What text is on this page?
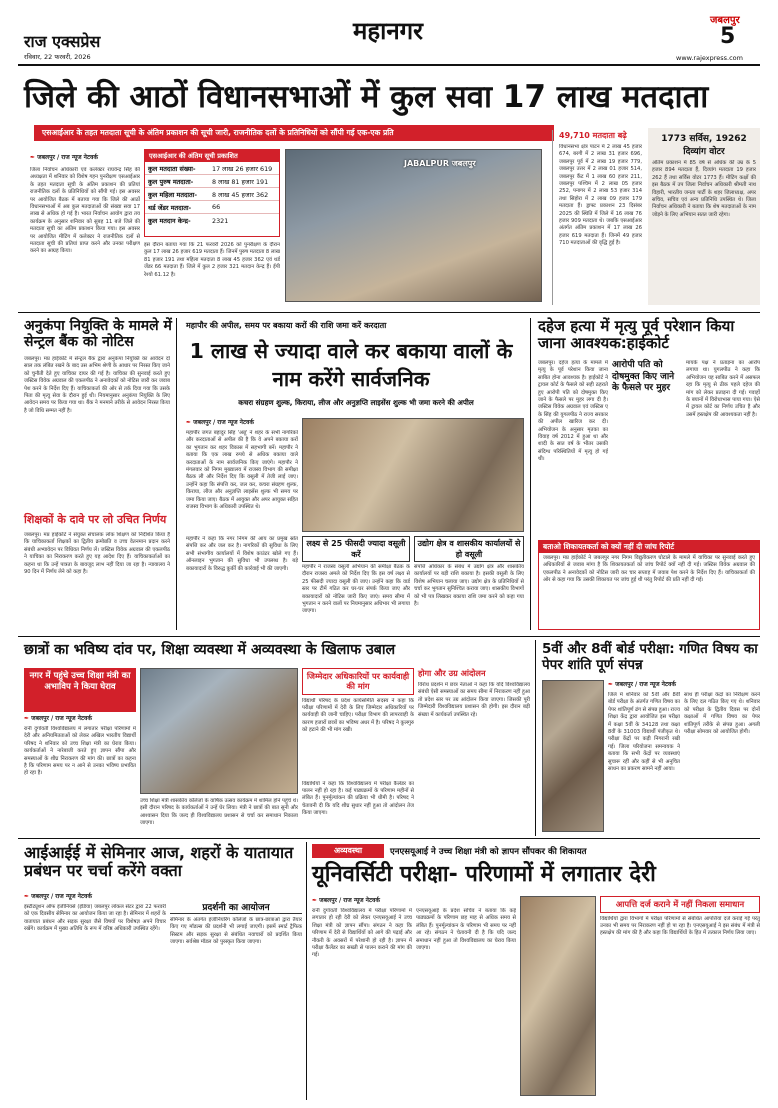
राज एक्सप्रेस
रविवार, 22 फरवरी, 2026
महानगर	जबलपुर
5
www.rajexpress.com
जिले की आठों विधानसभाओं में कुल सवा 17 लाख मतदाता
एसआईआर के तहत मतदाता सूची के अंतिम प्रकाशन की सूची जारी, राजनीतिक दलों के प्रतिनिधियों को सौंपी गई एक-एक प्रति
✒ जबलपुर / राज न्यूज नेटवर्क
जिला निर्वाचन अधिकारी एवं कलेक्टर राघवेन्द्र सिंह की अध्यक्षता में शनिवार को विशेष गहन पुनरीक्षण एसआईआर के तहत मतदाता सूची के अंतिम प्रकाशन की प्रतियां राजनीतिक दलों के प्रतिनिधियों को सौंपी गई। इस अवसर पर आयोजित बैठक में बताया गया कि जिले की आठों विधानसभाओं में अब कुल मतदाताओं की संख्या सवा 17 लाख से अधिक हो गई है। भारत निर्वाचन आयोग द्वारा तय कार्यक्रम के अनुसार शनिवार को सुबह 11 बजे जिले की मतदाता सूची का अंतिम प्रकाशन किया गया। इस अवसर पर आयोजित मीटिंग में कलेक्टर ने राजनीतिक दलों से मतदाता सूची की प्रतियां प्राप्त करने और उनका परीक्षण करने का आग्रह किया।
एसआईआर की अंतिम सूची प्रकाशित
कुल मतदाता संख्या-	17 लाख 26 हजार 619
कुल पुरुष मतदाता-	8 लाख 81 हजार 191
कुल महिला मतदाता-	8 लाख 45 हजार 362
थर्ड जेंडर मतदाता-	66
कुल मतदान केन्द्र-	2321
इस दौरान बताया गया कि 21 फरवरी 2026 को पुनरीक्षण के दौरान कुल 17 लाख 26 हजार 619 मतदाता हैं। जिनमें पुरुष मतदाता 8 लाख 81 हजार 191 तथा महिला मतदाता 8 लाख 45 हजार 362 एवं थर्ड जेंडर 66 मतदाता हैं। जिले में कुल 2 हजार 321 मतदान केन्द्र हैं। ईपी रेश्यो 61.12 है।
JABALPUR जबलपुर
49,710 मतदाता बढ़े
विधानसभा क्षेत्र पाटन में 2 लाख 45 हजार 674, बरगी में 2 लाख 31 हजार 696, जबलपुर पूर्व में 2 लाख 19 हजार 779, जबलपुर उत्तर में 2 लाख 01 हजार 514, जबलपुर कैंट में 1 लाख 60 हजार 211, जबलपुर पश्चिम में 2 लाख 05 हजार 252, पनागर में 2 लाख 53 हजार 314 तथा सिहोरा में 2 लाख 09 हजार 179 मतदाता हैं। ड्राफ्ट प्रकाशन 23 दिसंबर 2025 की स्थिति में जिले में 16 लाख 76 हजार 909 मतदाता थे। जबकि एसआईआर अंतर्गत अंतिम प्रकाशन में 17 लाख 26 हजार 619 मतदाता हैं। जिनमें 49 हजार 710 मतदाताओं की वृद्धि हुई है।
1773 सर्विस, 19262 दिव्यांग वोटर
अंतिम प्रकाशन में 85 वर्ष से अधिक की उम्र के 5 हजार 894 मतदाता हैं, दिव्यांग मतदाता 19 हजार 262 हैं तथा सर्विस वोटर 1773 हैं। मीटिंग कक्षों की इस बैठक में उप जिला निर्वाचन अधिकारी श्रीमती नाथ विहारी, भारतीय जनता पार्टी के शहर जिलाध्यक्ष, अपर सचिव, सचिव एवं अन्य प्रतिनिधि उपस्थित थे। जिला निर्वाचन अधिकारी ने बताया कि शेष मतदाताओं के नाम जोड़ने के लिए अभियान सतत जारी रहेगा।
अनुकंपा नियुक्ति के मामले में सेन्ट्रल बैंक को नोटिस
जबलपुर। मप्र हाईकोर्ट में सेन्ट्रल बैंक द्वारा अनुकंपा नियुक्ति का आवेदन दो साल तक लंबित रखने के बाद उस अभिम श्रेणी के आधार पर निरस्त किए जाने को चुनौती देते हुए याचिका दायर की गई है। याचिका की सुनवाई करते हुए जस्टिस विवेक अग्रवाल की एकलपीठ ने अनावेदकों को नोटिस जारी कर जवाब पेश करने के निर्देश दिए हैं। याचिकाकर्ता की ओर से तर्क दिया गया कि उसके पिता की मृत्यु सेवा के दौरान हुई थी। नियमानुसार अनुकंपा नियुक्ति के लिए आवेदन समय पर किया गया था। बैंक ने मनमाने तरीके से आवेदन निरस्त किया है जो विधि सम्मत नहीं है।
शिक्षकों के दावे पर लो उचित निर्णय
जबलपुर। मप्र हाईकोर्ट ने संयुक्त संचालक लोक शिक्षण को निर्देशित किया है कि याचिकाकर्ता शिक्षकों का द्वितीय क्रमोन्नति व उच्च वेतनमान प्रदान करने संबंधी अभ्यावेदन पर विधिवत निर्णय लें। जस्टिस विवेक अग्रवाल की एकलपीठ ने याचिका का निराकरण करते हुए यह आदेश दिए हैं। याचिकाकर्ताओं का कहना था कि उन्हें पात्रता के बावजूद लाभ नहीं दिया जा रहा है। न्यायालय ने 90 दिन में निर्णय लेने को कहा है।
महापौर की अपील, समय पर बकाया करों की राशि जमा करें करदाता
1 लाख से ज्यादा वाले कर बकाया वालों के नाम करेंगे सार्वजनिक
कचरा संग्रहण शुल्क, किराया, लीज और अनुज्ञप्ति लाइसेंस शुल्क भी जमा करने की अपील
✒ जबलपुर / राज न्यूज नेटवर्क
महापौर जगत बहादुर सिंह 'अन्नू' ने शहर के सभी नागरिकों और करदाताओं से अपील की है कि वे अपने बकाया करों का भुगतान कर शहर विकास में सहभागी बनें। महापौर ने बताया कि एक लाख रुपये से अधिक बकाया वाले करदाताओं के नाम सार्वजनिक किए जाएंगे। महापौर ने मंगलवार को निगम मुख्यालय में राजस्व विभाग की समीक्षा बैठक ली और निर्देश दिए कि वसूली में तेजी लाई जाए। उन्होंने कहा कि संपत्ति कर, जल कर, कचरा संग्रहण शुल्क, किराया, लीज और अनुज्ञप्ति लाइसेंस शुल्क भी समय पर जमा किया जाए। बैठक में आयुक्त और अपर आयुक्त सहित राजस्व विभाग के अधिकारी उपस्थित थे।
महापौर ने कहा कि नगर निगम की आय का प्रमुख स्रोत संपत्ति कर और जल कर है। नागरिकों की सुविधा के लिए सभी संभागीय कार्यालयों में विशेष काउंटर खोले गए हैं। ऑनलाइन भुगतान की सुविधा भी उपलब्ध है। बड़े बकायादारों के विरुद्ध कुर्की की कार्रवाई भी की जाएगी।
लक्ष्य से 25 फीसदी ज्यादा वसूली करें
महापौर ने राजस्व वसूली अभियान की समीक्षा बैठक के दौरान राजस्व अमले को निर्देश दिए कि इस वर्ष लक्ष्य से 25 फीसदी ज्यादा वसूली की जाए। उन्होंने कहा कि वार्ड स्तर पर टीमें गठित कर घर-घर संपर्क किया जाए और बकायादारों को नोटिस जारी किए जाएं। समय सीमा में भुगतान न करने वालों पर नियमानुसार अधिभार भी लगाया जाएगा।
उद्योग क्षेत्र व शासकीय कार्यालयों से हो वसूली
संपत्ति अधिकार के संबंध में उद्योग क्षेत्र और शासकीय कार्यालयों पर बड़ी राशि बकाया है। इसकी वसूली के लिए विशेष अभियान चलाया जाए। उद्योग क्षेत्र के प्रतिनिधियों से चर्चा कर भुगतान सुनिश्चित कराया जाए। शासकीय विभागों को भी पत्र लिखकर बकाया राशि जमा करने को कहा गया है।
दहेज हत्या में मृत्यु पूर्व परेशान किया जाना आवश्यक:हाईकोर्ट
जबलपुर। दहेज हत्या के मामले में मृत्यु के पूर्व परेशान किया जाना साबित होना आवश्यक है। हाईकोर्ट ने ट्रायल कोर्ट के फैसले को सही ठहराते हुए आरोपी पति को दोषमुक्त किए जाने के फैसले पर मुहर लगा दी है। जस्टिस विवेक अग्रवाल एवं जस्टिस ए के सिंह की युगलपीठ ने राज्य सरकार की अपील खारिज कर दी। अभियोजन के अनुसार मृतका का विवाह वर्ष 2012 में हुआ था और शादी के सात वर्ष के भीतर उसकी संदिग्ध परिस्थितियों में मृत्यु हो गई थी।
आरोपी पति को दोषमुक्त किए जाने के फैसले पर मुहर
मायके पक्ष ने प्रताड़ना का आरोप लगाया था। युगलपीठ ने कहा कि अभियोजन यह साबित करने में असफल रहा कि मृत्यु से ठीक पहले दहेज की मांग को लेकर प्रताड़ना दी गई। गवाहों के बयानों में विरोधाभास पाया गया। ऐसे में ट्रायल कोर्ट का निर्णय उचित है और उसमें हस्तक्षेप की आवश्यकता नहीं है।
बताओ शिकायतकर्ता को क्यों नहीं दी जांच रिपोर्ट
जबलपुर। मप्र हाईकोर्ट ने जबलपुर नगर निगम विद्युतीकरण घोटाले के मामले में याचिका पर सुनवाई करते हुए अधिकारियों से जवाब मांगा है कि शिकायतकर्ता को जांच रिपोर्ट क्यों नहीं दी गई। जस्टिस विवेक अग्रवाल की एकलपीठ ने अनावेदकों को नोटिस जारी कर चार सप्ताह में जवाब पेश करने के निर्देश दिए हैं। याचिकाकर्ता की ओर से कहा गया कि उसकी शिकायत पर जांच हुई थी परंतु रिपोर्ट की प्रति नहीं दी गई।
छात्रों का भविष्य दांव पर, शिक्षा व्यवस्था में अव्यवस्था के खिलाफ उबाल
नगर में पहुंचे उच्च शिक्षा मंत्री का अभाविप ने किया घेराव
✒ जबलपुर / राज न्यूज नेटवर्क
रानी दुर्गावती विश्वविद्यालय में लगातार परीक्षा परिणामों में देरी और अनियमितताओं को लेकर अखिल भारतीय विद्यार्थी परिषद ने शनिवार को उच्च शिक्षा मंत्री का घेराव किया। कार्यकर्ताओं ने नारेबाजी करते हुए ज्ञापन सौंपा और समस्याओं के शीघ्र निराकरण की मांग की। छात्रों का कहना है कि परिणाम समय पर न आने से उनका भविष्य प्रभावित हो रहा है।
उच्च शिक्षा मंत्री शासकीय कॉलेजों के वार्षिक उत्सव कार्यक्रम में शामिल होने पहुंचे थे। इसी दौरान परिषद के कार्यकर्ताओं ने उन्हें घेर लिया। मंत्री ने छात्रों की बात सुनी और आश्वासन दिया कि जल्द ही विश्वविद्यालय प्रशासन से चर्चा कर समाधान निकाला जाएगा।
जिम्मेदार अधिकारियों पर कार्यवाही की मांग
विद्यार्थी परिषद के प्रदेश कार्यसमिति सदस्य ने कहा कि परीक्षा परिणामों में देरी के लिए जिम्मेदार अधिकारियों पर कार्यवाही की जानी चाहिए। परीक्षा विभाग की लापरवाही के कारण हजारों छात्रों का भविष्य अधर में है। परिषद ने कुलगुरु को हटाने की भी मांग रखी।
विद्यार्थियों ने कहा कि विश्वविद्यालय में परीक्षा कैलेंडर का पालन नहीं हो रहा है। कई पाठ्यक्रमों के परिणाम महीनों से लंबित हैं। पुनर्मूल्यांकन की प्रक्रिया भी धीमी है। परिषद ने चेतावनी दी कि यदि शीघ्र सुधार नहीं हुआ तो आंदोलन तेज किया जाएगा।
होगा और उग्र आंदोलन
विरोध प्रदर्शन में छात्र नेताओं ने कहा कि यदि विश्वविद्यालय संबंधी ऐसी समस्याओं का समय सीमा में निराकरण नहीं हुआ तो प्रदेश स्तर पर उग्र आंदोलन किया जाएगा। जिसकी पूरी जिम्मेदारी विश्वविद्यालय प्रशासन की होगी। इस दौरान बड़ी संख्या में कार्यकर्ता उपस्थित रहे।
5वीं और 8वीं बोर्ड परीक्षा: गणित विषय का पेपर शांति पूर्ण संपन्न
✒ जबलपुर / राज न्यूज नेटवर्क
जिले में शनिवार को 5वीं और 8वीं बोर्ड परीक्षा के अंतर्गत गणित विषय का पेपर शांतिपूर्ण ढंग से संपन्न हुआ। राज्य शिक्षा केंद्र द्वारा आयोजित इस परीक्षा में कक्षा 5वीं के 34128 तथा कक्षा 8वीं के 31003 विद्यार्थी पंजीकृत थे। परीक्षा केंद्रों पर कड़ी निगरानी रखी गई। जिला परियोजना समन्वयक ने बताया कि सभी केंद्रों पर व्यवस्थाएं सुचारू रहीं और कहीं से भी अनुचित साधन का प्रकरण सामने नहीं आया।
साथ ही परीक्षा केंद्रों का निरीक्षण करने के लिए दल गठित किए गए थे। शनिवार को परीक्षा के द्वितीय दिवस पर दोनों कक्षाओं में गणित विषय का पेपर शांतिपूर्ण तरीके से संपन्न हुआ। अगली परीक्षा सोमवार को आयोजित होगी।
आईआईई में सेमिनार आज, शहरों के यातायात प्रबंधन पर चर्चा करेंगे वक्ता
✒ जबलपुर / राज न्यूज नेटवर्क
इंस्टीट्यूशन ऑफ इंजीनियर्स (इंडिया) जबलपुर लोकल सेंटर द्वारा 22 फरवरी को एक दिवसीय सेमिनार का आयोजन किया जा रहा है। सेमिनार में शहरों के यातायात प्रबंधन और सड़क सुरक्षा जैसे विषयों पर विशेषज्ञ अपने विचार रखेंगे। कार्यक्रम में मुख्य अतिथि के रूप में वरिष्ठ अधिकारी उपस्थित रहेंगे।
प्रदर्शनी का आयोजन
सेमिनार के अंतर्गत इंजीनियरिंग कॉलेजों के छात्र-छात्राओं द्वारा तैयार किए गए मॉडल्स की प्रदर्शनी भी लगाई जाएगी। इसमें स्मार्ट ट्रैफिक सिस्टम और सड़क सुरक्षा से संबंधित नवाचारों को प्रदर्शित किया जाएगा। सर्वश्रेष्ठ मॉडल को पुरस्कृत किया जाएगा।
अव्यवस्था	एनएसयूआई ने उच्च शिक्षा मंत्री को ज्ञापन सौंपकर की शिकायत
यूनिवर्सिटी परीक्षा- परिणामों में लगातार देरी
✒ जबलपुर / राज न्यूज नेटवर्क
रानी दुर्गावती विश्वविद्यालय में परीक्षा परिणामों में लगातार हो रही देरी को लेकर एनएसयूआई ने उच्च शिक्षा मंत्री को ज्ञापन सौंपा। संगठन ने कहा कि परिणाम में देरी से विद्यार्थियों को आगे की पढ़ाई और नौकरी के अवसरों में परेशानी हो रही है। ज्ञापन में परीक्षा कैलेंडर का सख्ती से पालन कराने की मांग की गई।
एनएसयूआई के प्रदेश सचिव ने बताया कि कई पाठ्यक्रमों के परिणाम छह माह से अधिक समय से लंबित हैं। पुनर्मूल्यांकन के परिणाम भी समय पर नहीं आ रहे। संगठन ने चेतावनी दी है कि यदि जल्द समाधान नहीं हुआ तो विश्वविद्यालय का घेराव किया जाएगा।
आपत्ति दर्ज कराने में नहीं निकला समाधान
विद्यार्थियों द्वारा विभागों में परीक्षा परिणामों से संबंधित आपत्तियां दर्ज कराई गईं परंतु उनका भी समय पर निराकरण नहीं हो पा रहा है। एनएसयूआई ने इस संबंध में मंत्री से हस्तक्षेप की मांग की है और कहा कि विद्यार्थियों के हित में तत्काल निर्णय लिया जाए।
